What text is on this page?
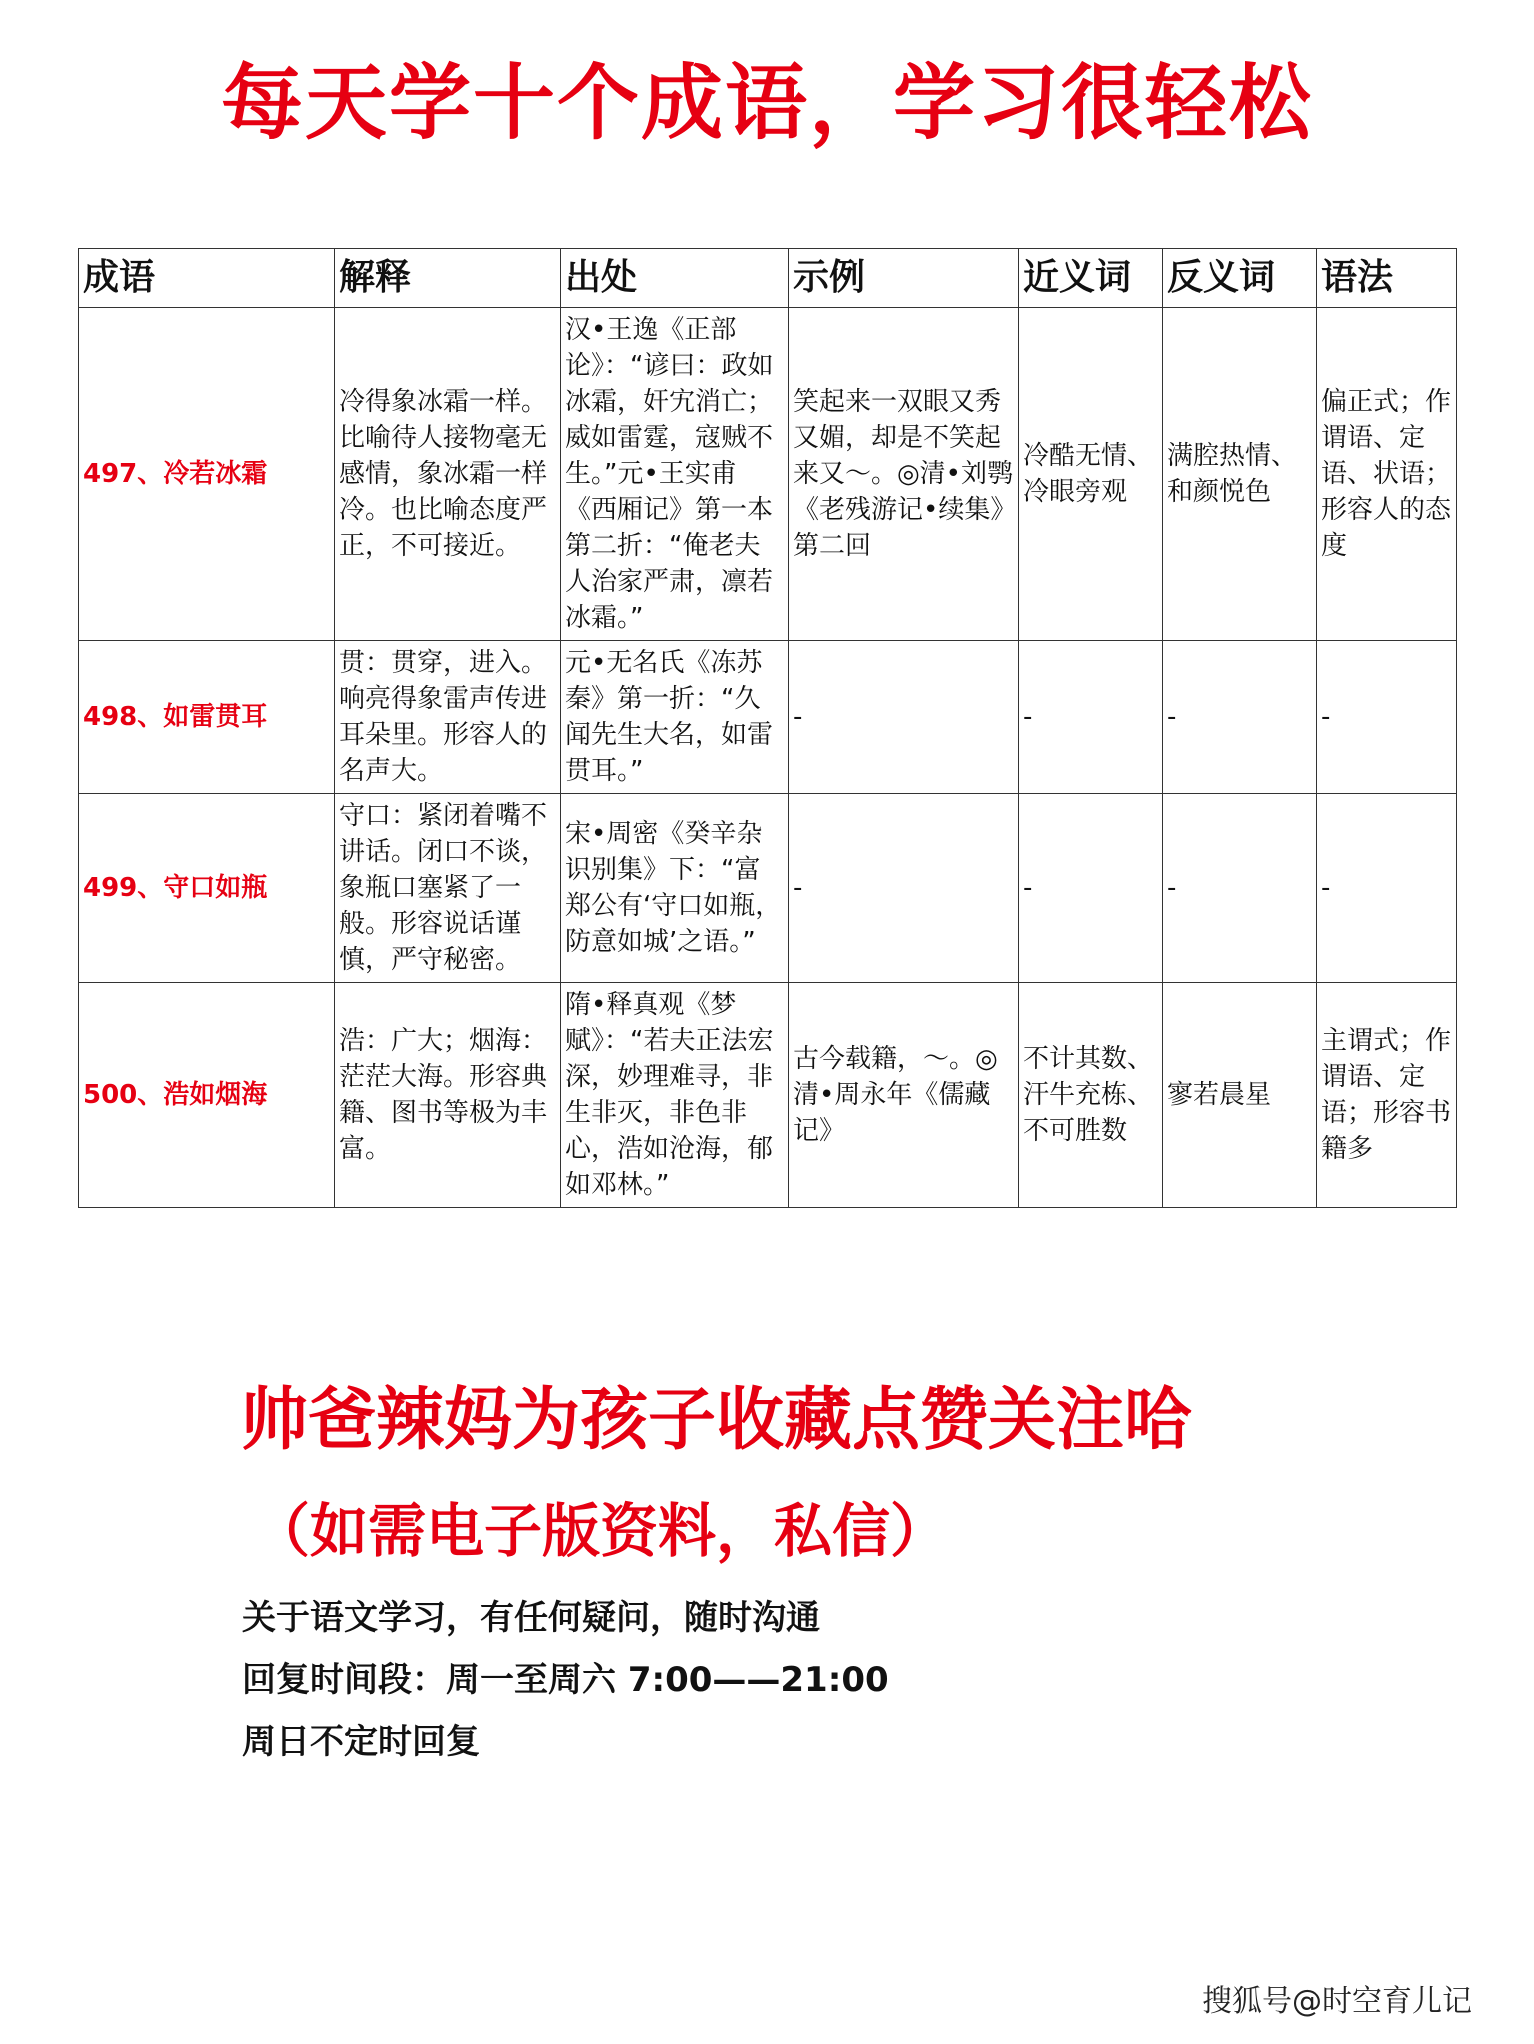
每天学十个成语，学习很轻松
成语	解释	出处	示例	近义词	反义词	语法
497、冷若冰霜	冷得象冰霜一样。比喻待人接物毫无感情，象冰霜一样冷。也比喻态度严正，不可接近。	汉•王逸《正部论》：“谚曰：政如冰霜，奸宄消亡；威如雷霆，寇贼不生。”元•王实甫《西厢记》第一本第二折：“俺老夫人治家严肃，凛若冰霜。”	笑起来一双眼又秀又媚，却是不笑起来又～。◎清•刘鹗《老残游记•续集》第二回	冷酷无情、冷眼旁观	满腔热情、和颜悦色	偏正式；作谓语、定语、状语；形容人的态度
498、如雷贯耳	贯：贯穿，进入。响亮得象雷声传进耳朵里。形容人的名声大。	元•无名氏《冻苏秦》第一折：“久闻先生大名，如雷贯耳。”	-	-	-	-
499、守口如瓶	守口：紧闭着嘴不讲话。闭口不谈，象瓶口塞紧了一般。形容说话谨慎，严守秘密。	宋•周密《癸辛杂识别集》下：“富郑公有‘守口如瓶，防意如城’之语。”	-	-	-	-
500、浩如烟海	浩：广大；烟海：茫茫大海。形容典籍、图书等极为丰富。	隋•释真观《梦赋》：“若夫正法宏深，妙理难寻，非生非灭，非色非心，浩如沧海，郁如邓林。”	古今载籍，～。◎清•周永年《儒藏记》	不计其数、汗牛充栋、不可胜数	寥若晨星	主谓式；作谓语、定语；形容书籍多
帅爸辣妈为孩子收藏点赞关注哈
（如需电子版资料，私信）

关于语文学习，有任何疑问，随时沟通

回复时间段：周一至周六 7:00——21:00

周日不定时回复

搜狐号@时空育儿记
